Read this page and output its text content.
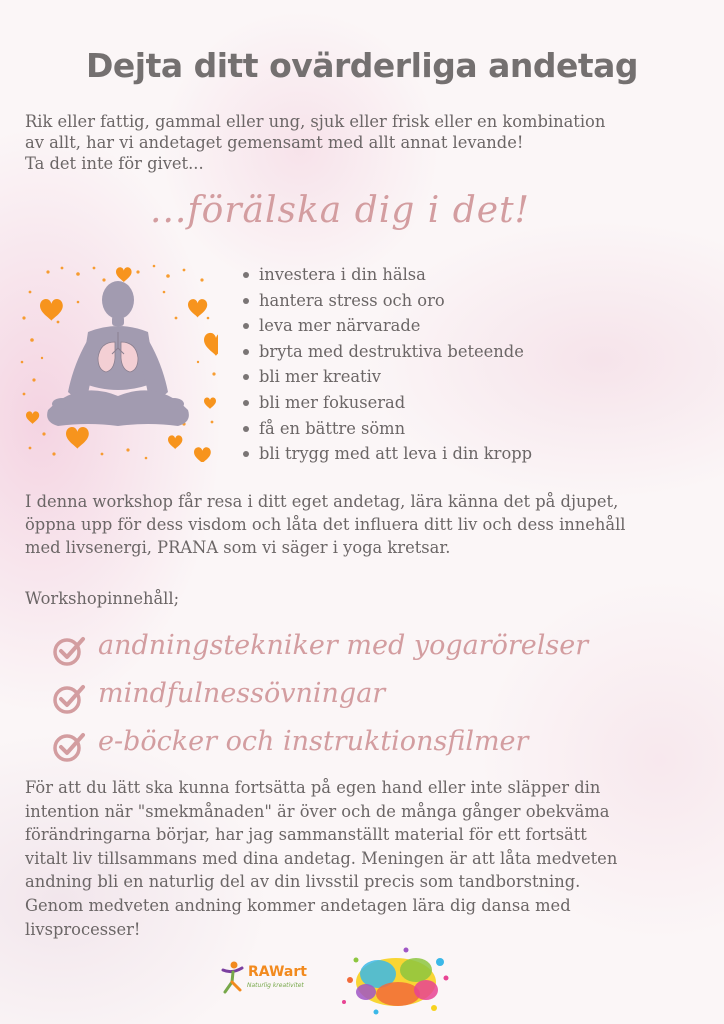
Dejta ditt ovärderliga andetag
Rik eller fattig, gammal eller ung, sjuk eller frisk eller en kombination
av allt, har vi andetaget gemensamt med allt annat levande!
Ta det inte för givet...
...förälska dig i det!
investera i din hälsa
hantera stress och oro
leva mer närvarade
bryta med destruktiva beteende
bli mer kreativ
bli mer fokuserad
få en bättre sömn
bli trygg med att leva i din kropp
I denna workshop får resa i ditt eget andetag, lära känna det på djupet,
öppna upp för dess visdom och låta det influera ditt liv och dess innehåll
med livsenergi, PRANA som vi säger i yoga kretsar.
Workshopinnehåll;
andningstekniker med yogarörelser
mindfulnessövningar
e-böcker och instruktionsfilmer
För att du lätt ska kunna fortsätta på egen hand eller inte släpper din
intention när "smekmånaden" är över och de många gånger obekväma
förändringarna börjar, har jag sammanställt material för ett fortsätt
vitalt liv tillsammans med dina andetag. Meningen är att låta medveten
andning bli en naturlig del av din livsstil precis som tandborstning.
Genom medveten andning kommer andetagen lära dig dansa med
livsprocesser!
RAWart
Naturlig kreativitet
